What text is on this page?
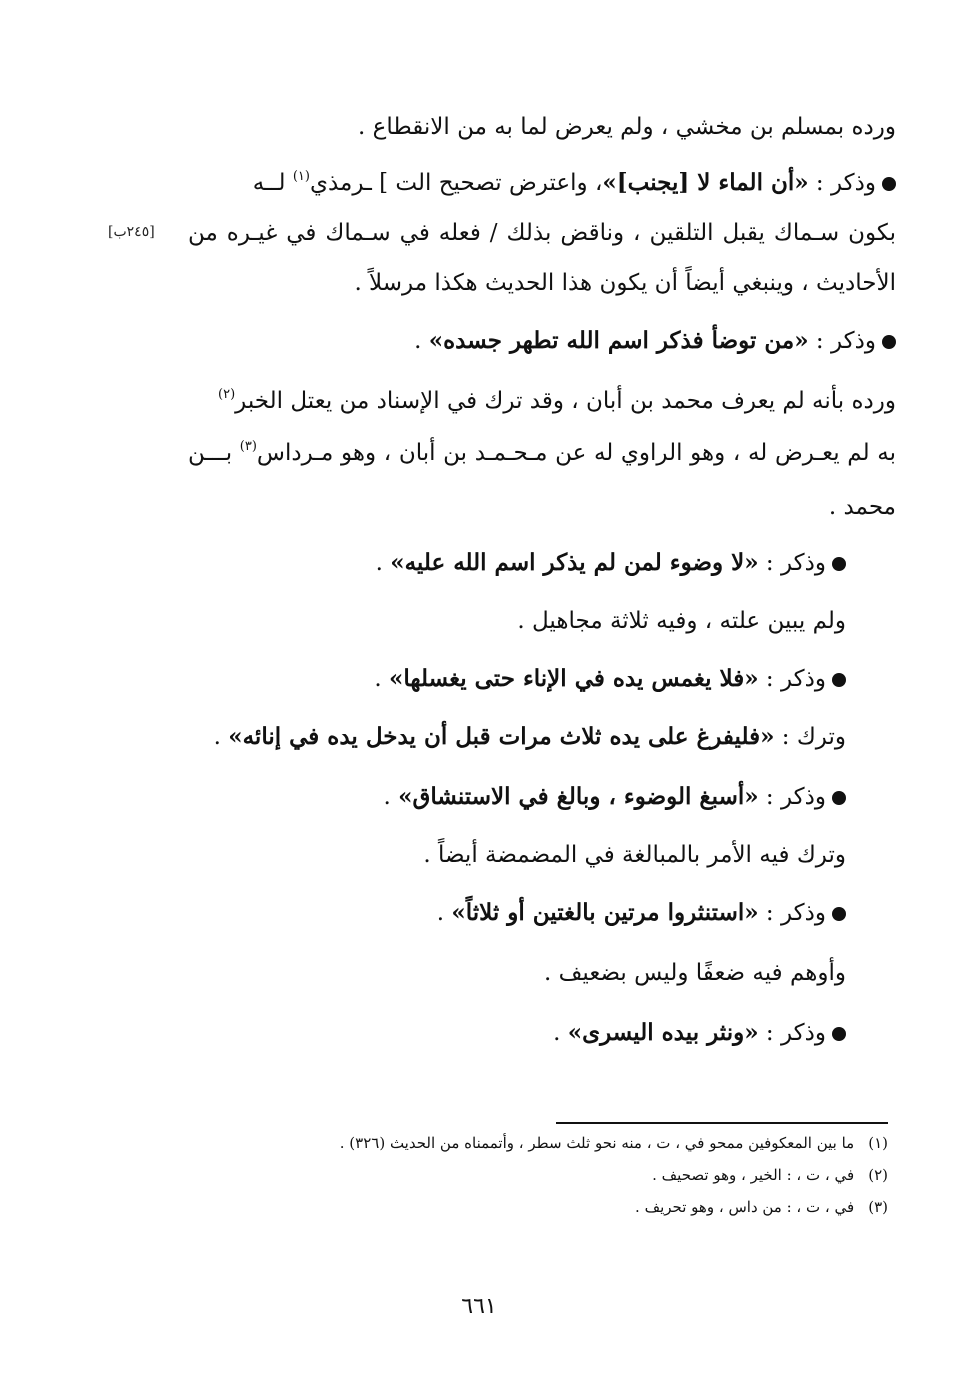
ورده بمسلم بن مخشي ، ولم يعرض لما به من الانقطاع .
وذكر : «أن الماء لا [يجنب]»، واعترض تصحيح الت ] ـرمذي$^{(١)}$ لــه
بكون سـماك يقبل التلقين ، وناقض بذلك / فعله في سـماك في غيـره من
[٢٤٥ب]
الأحاديث ، وينبغي أيضاً أن يكون هذا الحديث هكذا مرسلاً .
وذكر : «من توضأ فذكر اسم الله تطهر جسده» .
ورده بأنه لم يعرف محمد بن أبان ، وقد ترك في الإسناد من يعتل الخبر$^{(٢)}$
به لم يعـرض له ، وهو الراوي له عن مـحـمـد بن أبان ، وهو مـرداس$^{(٣)}$ بـــن
محمد .
وذكر : «لا وضوء لمن لم يذكر اسم الله عليه» .
ولم يبين علته ، وفيه ثلاثة مجاهيل .
وذكر : «فلا يغمس يده في الإناء حتى يغسلها» .
وترك : «فليفرغ على يده ثلاث مرات قبل أن يدخل يده في إنائه» .
وذكر : «أسبغ الوضوء ، وبالغ في الاستنشاق» .
وترك فيه الأمر بالمبالغة في المضمضة أيضاً .
وذكر : «استنثروا مرتين بالغتين أو ثلاثاً» .
وأوهم فيه ضعفًا وليس بضعيف .
وذكر : «ونثر بيده اليسرى» .
(١)ما بين المعكوفين ممحو في ، ت ، منه نحو ثلث سطر ، وأتممناه من الحديث (٣٢٦) .
(٢)في ، ت ، : الخير ، وهو تصحيف .
(٣)في ، ت ، : من داس ، وهو تحريف .
٦٦١
